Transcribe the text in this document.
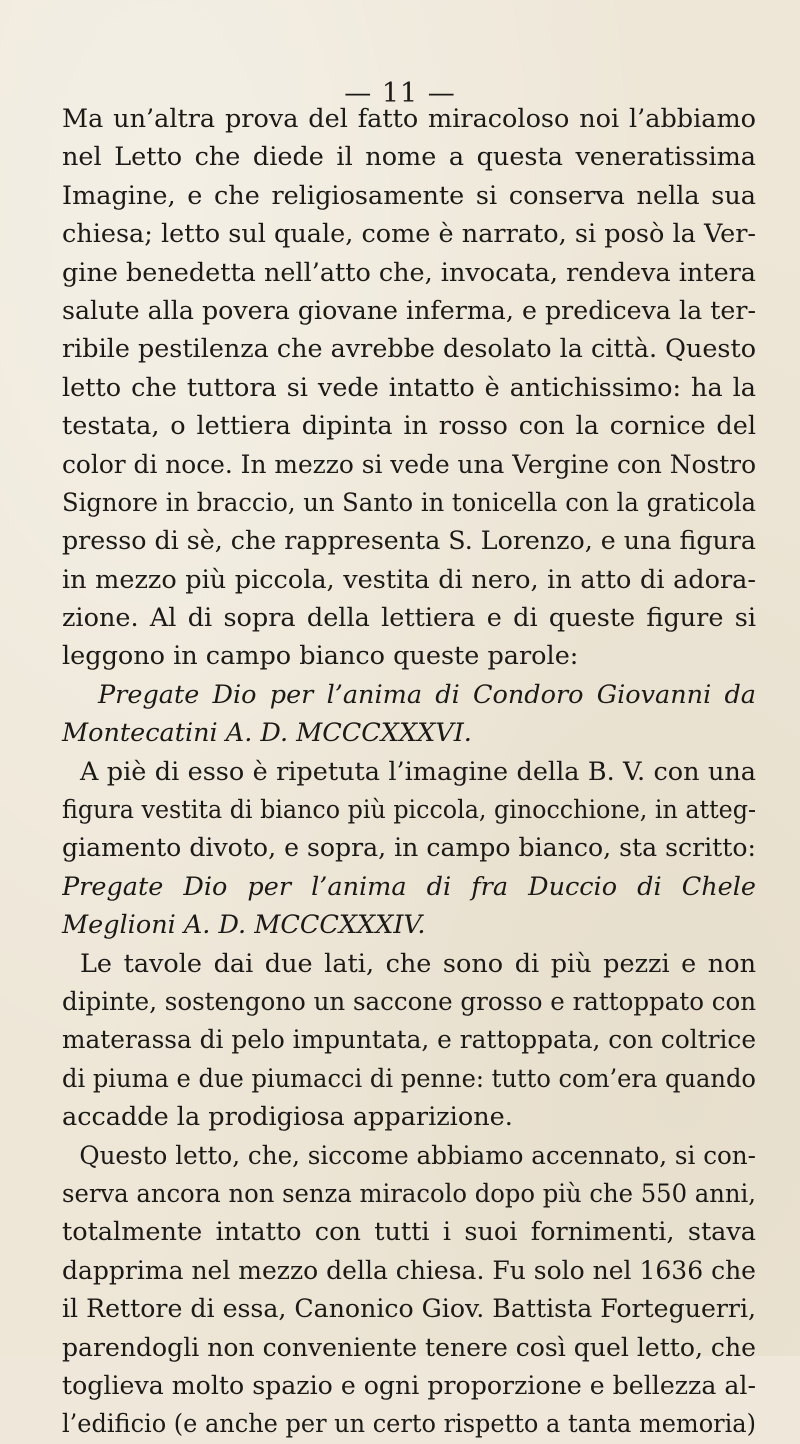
— 11 —
Ma un’altra prova del fatto miracoloso noi l’abbiamo
nel Letto che diede il nome a questa veneratissima
Imagine, e che religiosamente si conserva nella sua
chiesa; letto sul quale, come è narrato, si posò la Ver-
gine benedetta nell’atto che, invocata, rendeva intera
salute alla povera giovane inferma, e prediceva la ter-
ribile pestilenza che avrebbe desolato la città. Questo
letto che tuttora si vede intatto è antichissimo: ha la
testata, o lettiera dipinta in rosso con la cornice del
color di noce. In mezzo si vede una Vergine con Nostro
Signore in braccio, un Santo in tonicella con la graticola
presso di sè, che rappresenta S. Lorenzo, e una figura
in mezzo più piccola, vestita di nero, in atto di adora-
zione. Al di sopra della lettiera e di queste figure si
leggono in campo bianco queste parole:
Pregate Dio per l’anima di Condoro Giovanni da
Montecatini A. D. MCCCXXXVI.
A piè di esso è ripetuta l’imagine della B. V. con una
figura vestita di bianco più piccola, ginocchione, in atteg-
giamento divoto, e sopra, in campo bianco, sta scritto:
Pregate Dio per l’anima di fra Duccio di Chele
Meglioni A. D. MCCCXXXIV.
Le tavole dai due lati, che sono di più pezzi e non
dipinte, sostengono un saccone grosso e rattoppato con
materassa di pelo impuntata, e rattoppata, con coltrice
di piuma e due piumacci di penne: tutto com’era quando
accadde la prodigiosa apparizione.
Questo letto, che, siccome abbiamo accennato, si con-
serva ancora non senza miracolo dopo più che 550 anni,
totalmente intatto con tutti i suoi fornimenti, stava
dapprima nel mezzo della chiesa. Fu solo nel 1636 che
il Rettore di essa, Canonico Giov. Battista Forteguerri,
parendogli non conveniente tenere così quel letto, che
toglieva molto spazio e ogni proporzione e bellezza al-
l’edificio (e anche per un certo rispetto a tanta memoria)
